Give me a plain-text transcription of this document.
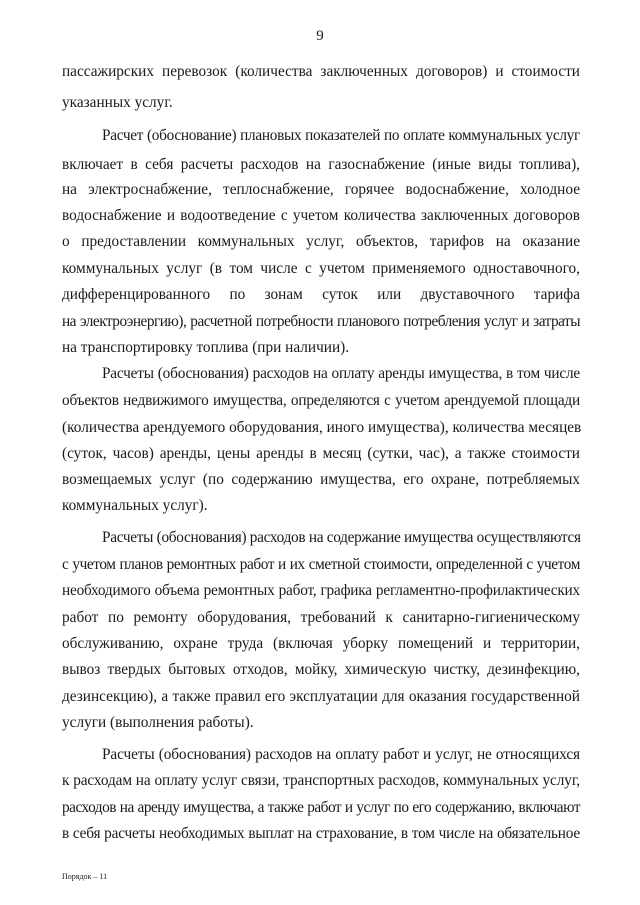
9
пассажирских перевозок (количества заключенных договоров) и стоимости
указанных услуг.
Расчет (обоснование) плановых показателей по оплате коммунальных услуг
включает в себя расчеты расходов на газоснабжение (иные виды топлива),
на электроснабжение, теплоснабжение, горячее водоснабжение, холодное
водоснабжение и водоотведение с учетом количества заключенных договоров
о предоставлении коммунальных услуг, объектов, тарифов на оказание
коммунальных услуг (в том числе с учетом применяемого одноставочного,
дифференцированного по зонам суток или двуставочного тарифа
на электроэнергию), расчетной потребности планового потребления услуг и затраты
на транспортировку топлива (при наличии).
Расчеты (обоснования) расходов на оплату аренды имущества, в том числе
объектов недвижимого имущества, определяются с учетом арендуемой площади
(количества арендуемого оборудования, иного имущества), количества месяцев
(суток, часов) аренды, цены аренды в месяц (сутки, час), а также стоимости
возмещаемых услуг (по содержанию имущества, его охране, потребляемых
коммунальных услуг).
Расчеты (обоснования) расходов на содержание имущества осуществляются
с учетом планов ремонтных работ и их сметной стоимости, определенной с учетом
необходимого объема ремонтных работ, графика регламентно-профилактических
работ по ремонту оборудования, требований к санитарно-гигиеническому
обслуживанию, охране труда (включая уборку помещений и территории,
вывоз твердых бытовых отходов, мойку, химическую чистку, дезинфекцию,
дезинсекцию), а также правил его эксплуатации для оказания государственной
услуги (выполнения работы).
Расчеты (обоснования) расходов на оплату работ и услуг, не относящихся
к расходам на оплату услуг связи, транспортных расходов, коммунальных услуг,
расходов на аренду имущества, а также работ и услуг по его содержанию, включают
в себя расчеты необходимых выплат на страхование, в том числе на обязательное
Порядок – 11
